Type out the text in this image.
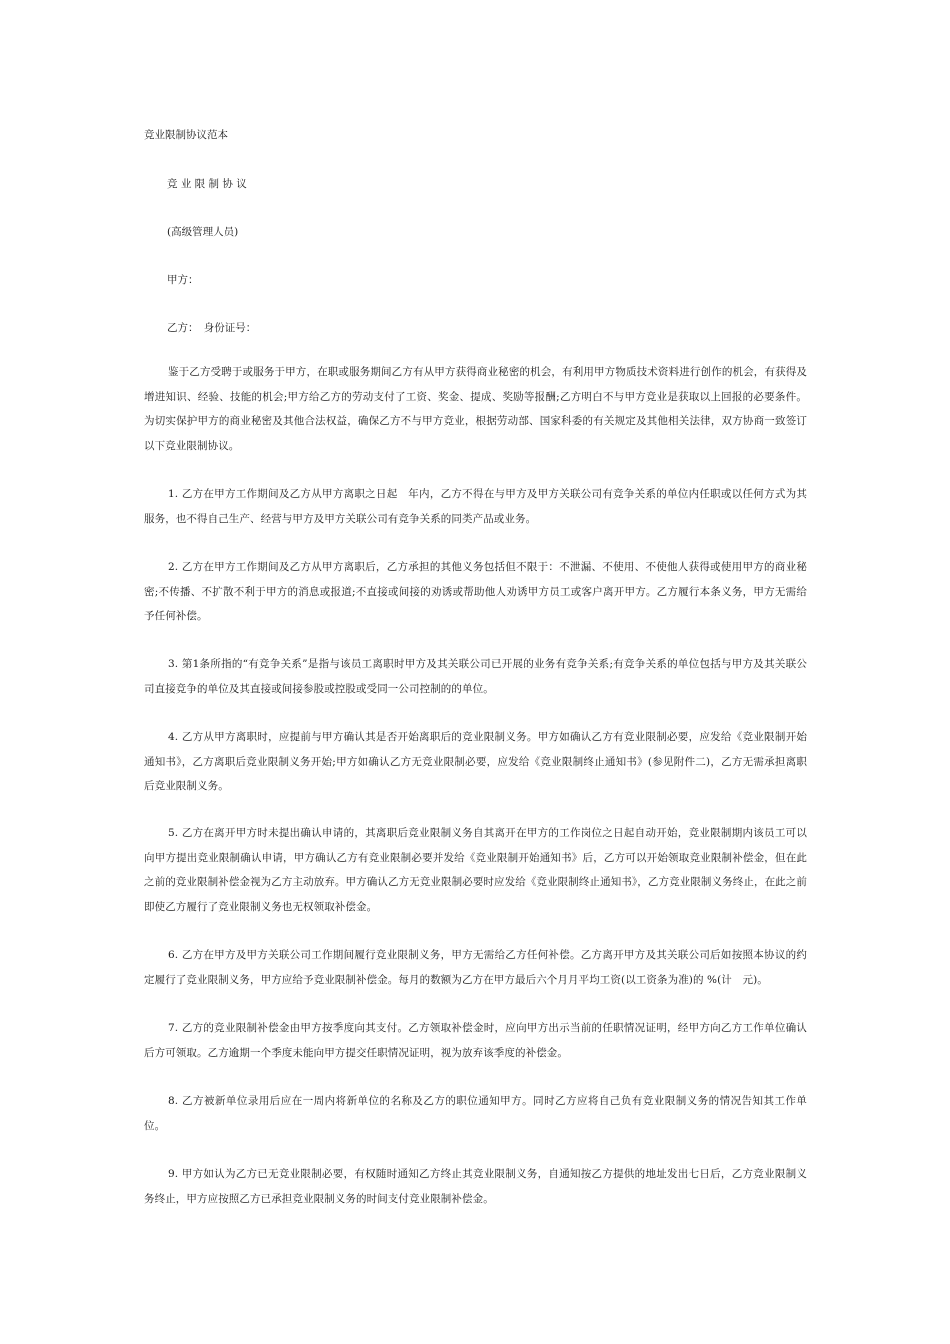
竞业限制协议范本
竞 业 限 制 协 议
(高级管理人员)
甲方：
乙方：　身份证号：

鉴于乙方受聘于或服务于甲方，在职或服务期间乙方有从甲方获得商业秘密的机会，有利用甲方物质技术资料进行创作的机会，有获得及增进知识、经验、技能的机会;甲方给乙方的劳动支付了工资、奖金、提成、奖励等报酬;乙方明白不与甲方竞业是获取以上回报的必要条件。为切实保护甲方的商业秘密及其他合法权益，确保乙方不与甲方竞业，根据劳动部、国家科委的有关规定及其他相关法律，双方协商一致签订以下竞业限制协议。

1. 乙方在甲方工作期间及乙方从甲方离职之日起　年内，乙方不得在与甲方及甲方关联公司有竞争关系的单位内任职或以任何方式为其服务，也不得自己生产、经营与甲方及甲方关联公司有竞争关系的同类产品或业务。

2. 乙方在甲方工作期间及乙方从甲方离职后，乙方承担的其他义务包括但不限于：不泄漏、不使用、不使他人获得或使用甲方的商业秘密;不传播、不扩散不利于甲方的消息或报道;不直接或间接的劝诱或帮助他人劝诱甲方员工或客户离开甲方。乙方履行本条义务，甲方无需给予任何补偿。

3. 第1条所指的“有竞争关系”是指与该员工离职时甲方及其关联公司已开展的业务有竞争关系;有竞争关系的单位包括与甲方及其关联公司直接竞争的单位及其直接或间接参股或控股或受同一公司控制的的单位。

4. 乙方从甲方离职时，应提前与甲方确认其是否开始离职后的竞业限制义务。甲方如确认乙方有竞业限制必要，应发给《竞业限制开始通知书》，乙方离职后竞业限制义务开始;甲方如确认乙方无竞业限制必要，应发给《竞业限制终止通知书》(参见附件二)，乙方无需承担离职后竞业限制义务。

5. 乙方在离开甲方时未提出确认申请的，其离职后竞业限制义务自其离开在甲方的工作岗位之日起自动开始，竞业限制期内该员工可以向甲方提出竞业限制确认申请，甲方确认乙方有竞业限制必要并发给《竞业限制开始通知书》后，乙方可以开始领取竞业限制补偿金，但在此之前的竞业限制补偿金视为乙方主动放弃。甲方确认乙方无竞业限制必要时应发给《竞业限制终止通知书》，乙方竞业限制义务终止，在此之前即使乙方履行了竞业限制义务也无权领取补偿金。

6. 乙方在甲方及甲方关联公司工作期间履行竞业限制义务，甲方无需给乙方任何补偿。乙方离开甲方及其关联公司后如按照本协议的约定履行了竞业限制义务，甲方应给予竞业限制补偿金。每月的数额为乙方在甲方最后六个月月平均工资(以工资条为准)的 %(计　元)。

7. 乙方的竞业限制补偿金由甲方按季度向其支付。乙方领取补偿金时，应向甲方出示当前的任职情况证明，经甲方向乙方工作单位确认后方可领取。乙方逾期一个季度未能向甲方提交任职情况证明，视为放弃该季度的补偿金。

8. 乙方被新单位录用后应在一周内将新单位的名称及乙方的职位通知甲方。同时乙方应将自己负有竞业限制义务的情况告知其工作单位。

9. 甲方如认为乙方已无竞业限制必要，有权随时通知乙方终止其竞业限制义务，自通知按乙方提供的地址发出七日后，乙方竞业限制义务终止，甲方应按照乙方已承担竞业限制义务的时间支付竞业限制补偿金。
